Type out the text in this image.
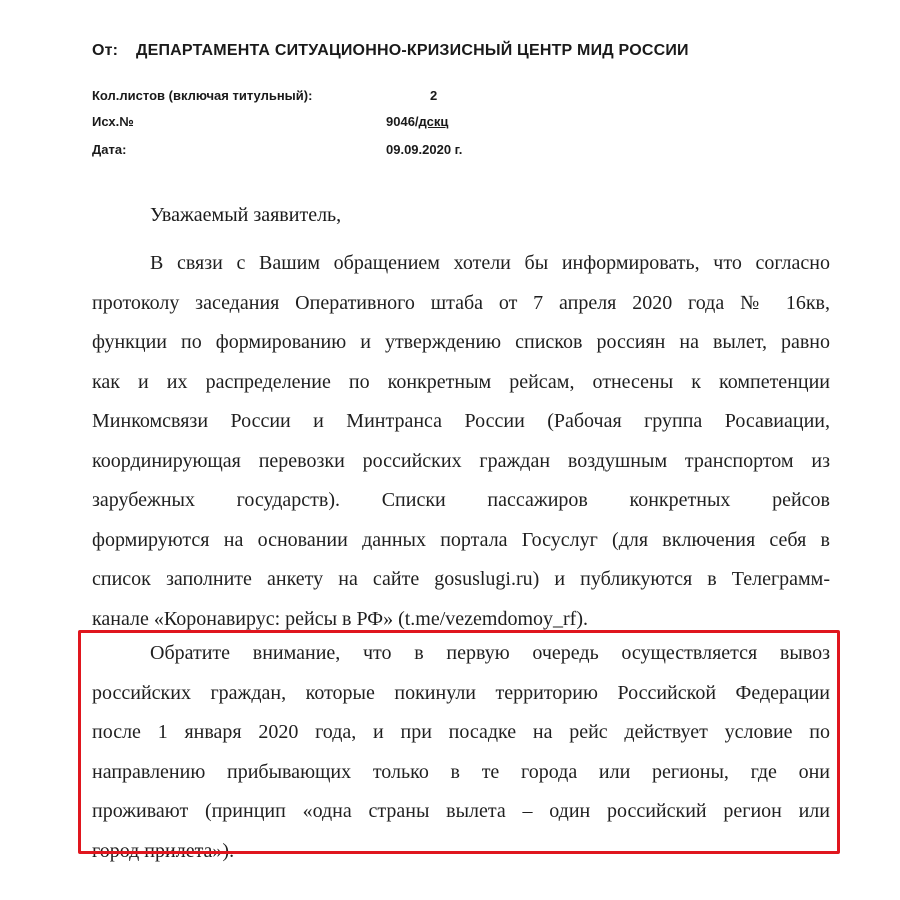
От: ДЕПАРТАМЕНТА СИТУАЦИОННО-КРИЗИСНЫЙ ЦЕНТР МИД РОССИИ
Кол.листов (включая титульный):	2
Исх.№	9046/дскц
Дата:	09.09.2020 г.
Уважаемый заявитель,
В связи с Вашим обращением хотели бы информировать, что согласно
протоколу заседания Оперативного штаба от 7 апреля 2020 года № 16кв,
функции по формированию и утверждению списков россиян на вылет, равно
как и их распределение по конкретным рейсам, отнесены к компетенции
Минкомсвязи России и Минтранса России (Рабочая группа Росавиации,
координирующая перевозки российских граждан воздушным транспортом из
зарубежных государств). Списки пассажиров конкретных рейсов
формируются на основании данных портала Госуслуг (для включения себя в
список заполните анкету на сайте gosuslugi.ru) и публикуются в Телеграмм-
канале «Коронавирус: рейсы в РФ» (t.me/vezemdomoy_rf).
Обратите внимание, что в первую очередь осуществляется вывоз
российских граждан, которые покинули территорию Российской Федерации
после 1 января 2020 года, и при посадке на рейс действует условие по
направлению прибывающих только в те города или регионы, где они
проживают (принцип «одна страны вылета – один российский регион или
город прилета»).
